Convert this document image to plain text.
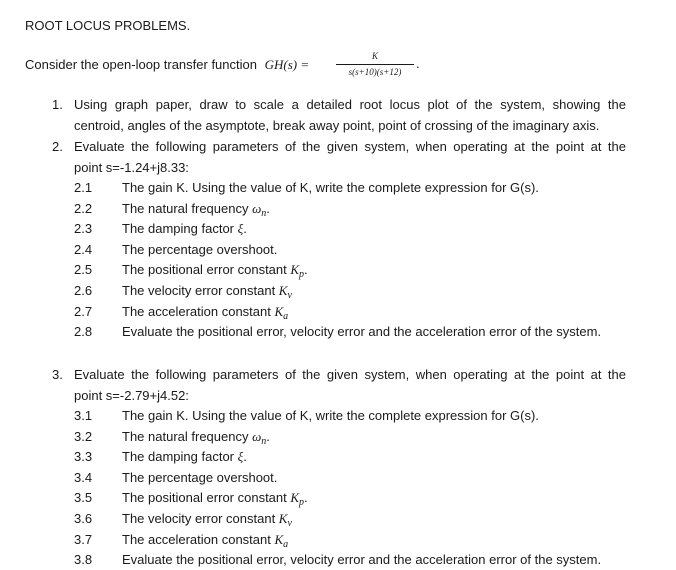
ROOT LOCUS PROBLEMS.
Consider the open-loop transfer function GH(s) =
K
s(s+10)(s+12)
.
1. Using graph paper, draw to scale a detailed root locus plot of the system, showing the
centroid, angles of the asymptote, break away point, point of crossing of the imaginary axis.
2. Evaluate the following parameters of the given system, when operating at the point at the
point s=-1.24+j8.33:
2.1 The gain K. Using the value of K, write the complete expression for G(s).
2.2 The natural frequency $\omega_n$.
2.3 The damping factor ξ.
2.4 The percentage overshoot.
2.5 The positional error constant $K_p$.
2.6 The velocity error constant $K_v$
2.7 The acceleration constant $K_a$
2.8 Evaluate the positional error, velocity error and the acceleration error of the system.
3. Evaluate the following parameters of the given system, when operating at the point at the
point s=-2.79+j4.52:
3.1 The gain K. Using the value of K, write the complete expression for G(s).
3.2 The natural frequency $\omega_n$.
3.3 The damping factor ξ.
3.4 The percentage overshoot.
3.5 The positional error constant $K_p$.
3.6 The velocity error constant $K_v$
3.7 The acceleration constant $K_a$
3.8 Evaluate the positional error, velocity error and the acceleration error of the system.
